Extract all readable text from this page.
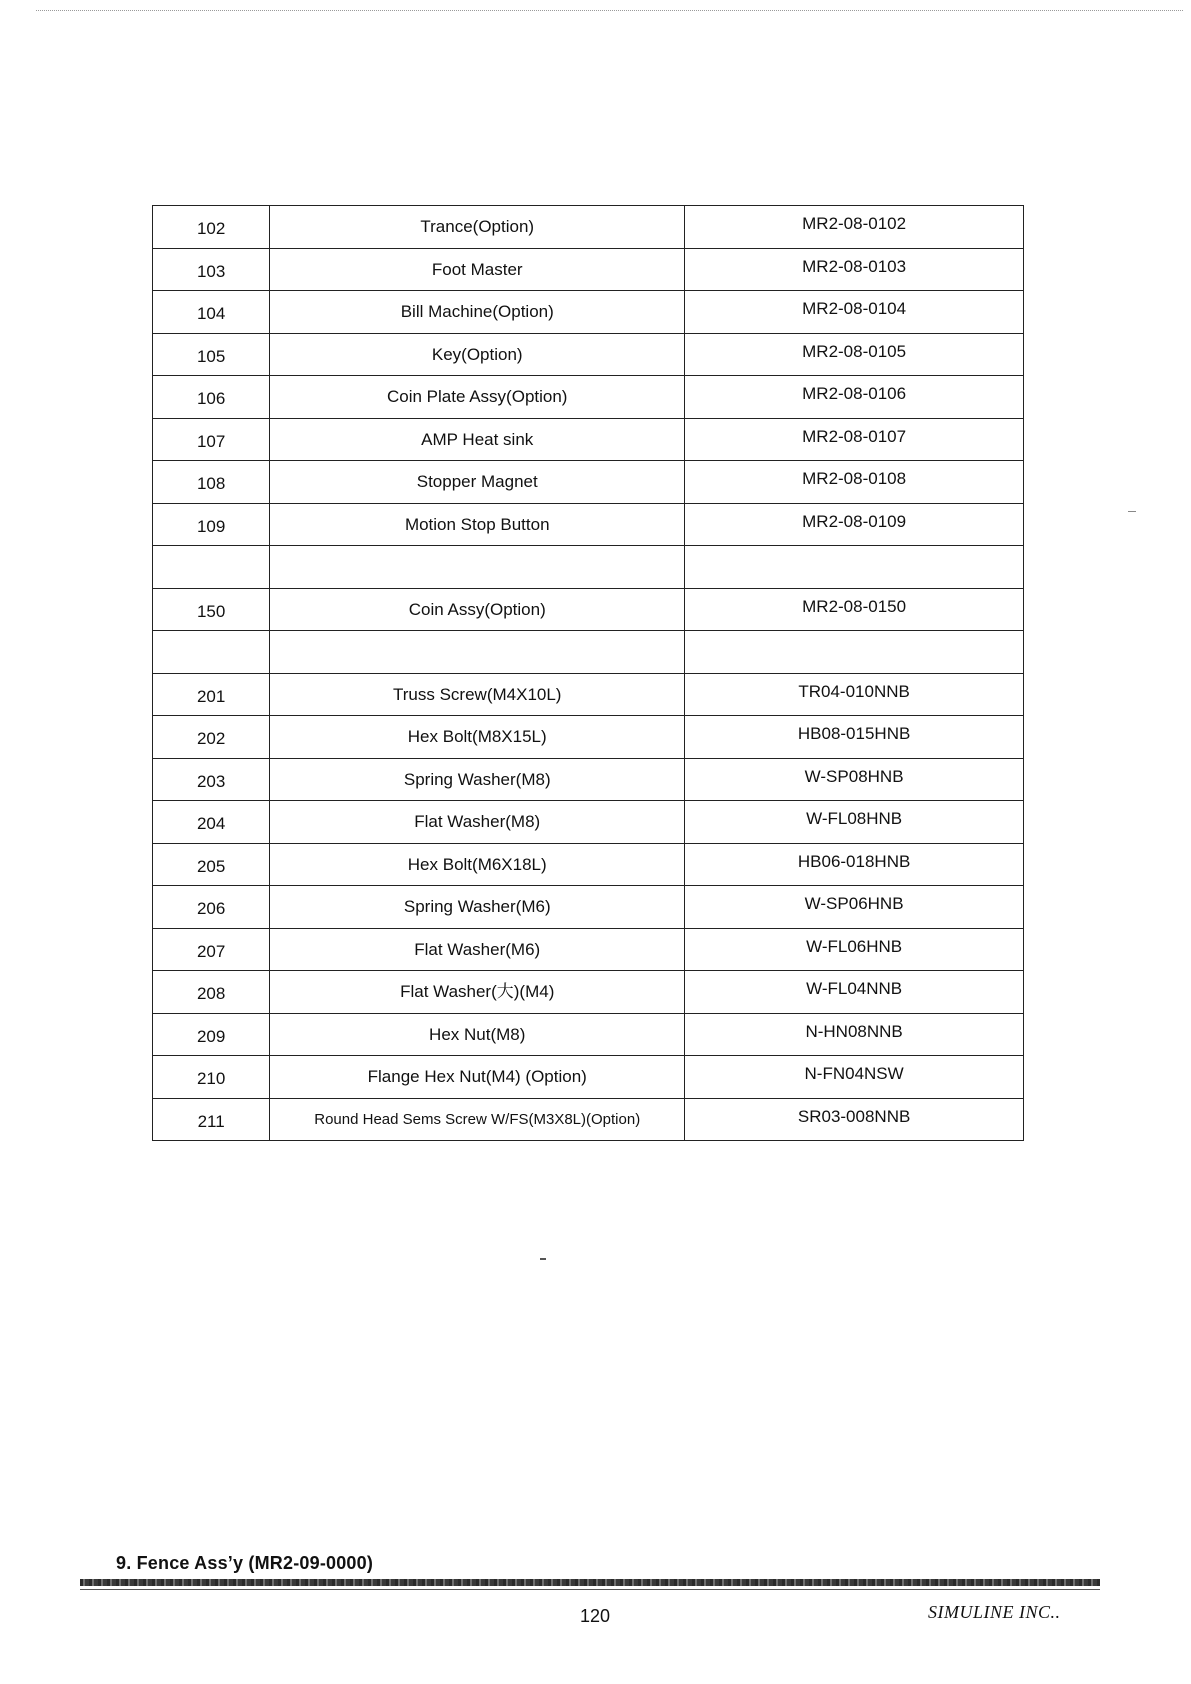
102	Trance(Option)	MR2-08-0102
103	Foot Master	MR2-08-0103
104	Bill Machine(Option)	MR2-08-0104
105	Key(Option)	MR2-08-0105
106	Coin Plate Assy(Option)	MR2-08-0106
107	AMP Heat sink	MR2-08-0107
108	Stopper Magnet	MR2-08-0108
109	Motion Stop Button	MR2-08-0109

150	Coin Assy(Option)	MR2-08-0150

201	Truss Screw(M4X10L)	TR04-010NNB
202	Hex Bolt(M8X15L)	HB08-015HNB
203	Spring Washer(M8)	W-SP08HNB
204	Flat Washer(M8)	W-FL08HNB
205	Hex Bolt(M6X18L)	HB06-018HNB
206	Spring Washer(M6)	W-SP06HNB
207	Flat Washer(M6)	W-FL06HNB
208	Flat Washer(大)(M4)	W-FL04NNB
209	Hex Nut(M8)	N-HN08NNB
210	Flange Hex Nut(M4) (Option)	N-FN04NSW
211	Round Head Sems Screw W/FS(M3X8L)(Option)	SR03-008NNB
9. Fence Ass’y (MR2-09-0000)
120	SIMULINE INC..
